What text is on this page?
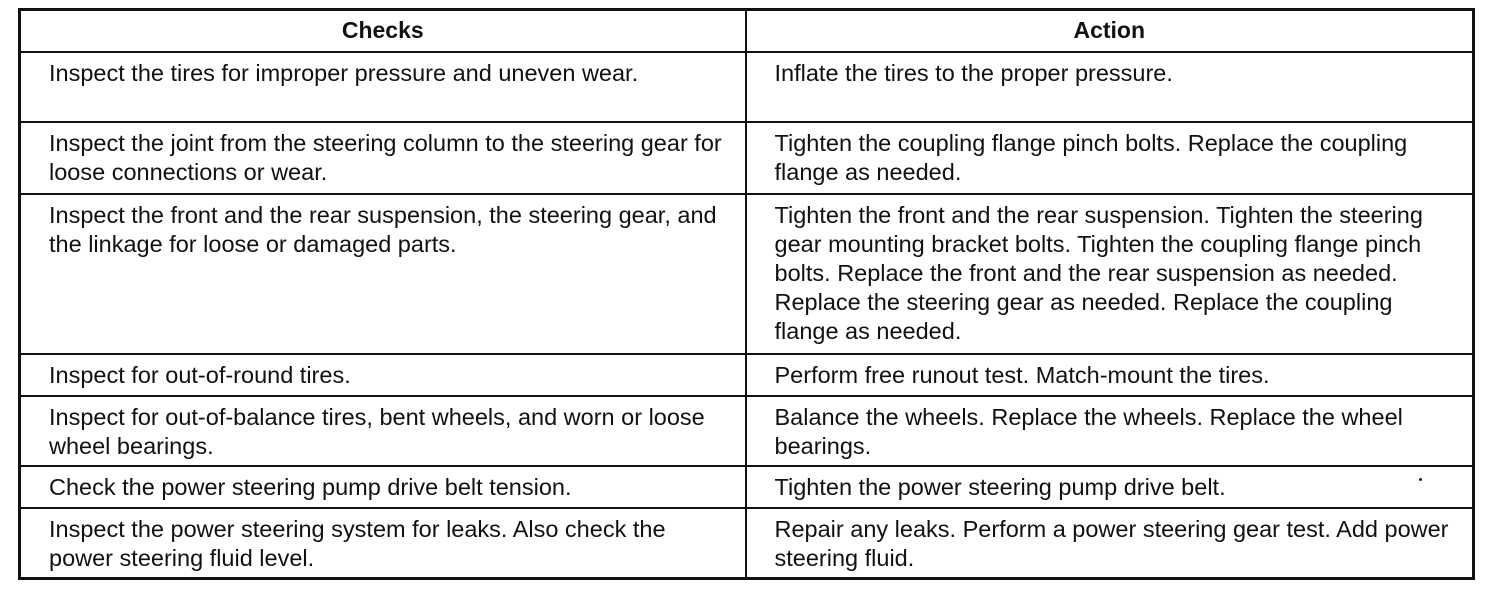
Checks	Action
Inspect the tires for improper pressure and uneven wear.	Inflate the tires to the proper pressure.
Inspect the joint from the steering column to the steering gear for loose connections or wear.	Tighten the coupling flange pinch bolts. Replace the coupling flange as needed.
Inspect the front and the rear suspension, the steering gear, and the linkage for loose or damaged parts.	Tighten the front and the rear suspension. Tighten the steering gear mounting bracket bolts. Tighten the coupling flange pinch bolts. Replace the front and the rear suspension as needed. Replace the steering gear as needed. Replace the coupling flange as needed.
Inspect for out-of-round tires.	Perform free runout test. Match-mount the tires.
Inspect for out-of-balance tires, bent wheels, and worn or loose wheel bearings.	Balance the wheels. Replace the wheels. Replace the wheel bearings.
Check the power steering pump drive belt tension.	Tighten the power steering pump drive belt.
Inspect the power steering system for leaks. Also check the power steering fluid level.	Repair any leaks. Perform a power steering gear test. Add power steering fluid.
